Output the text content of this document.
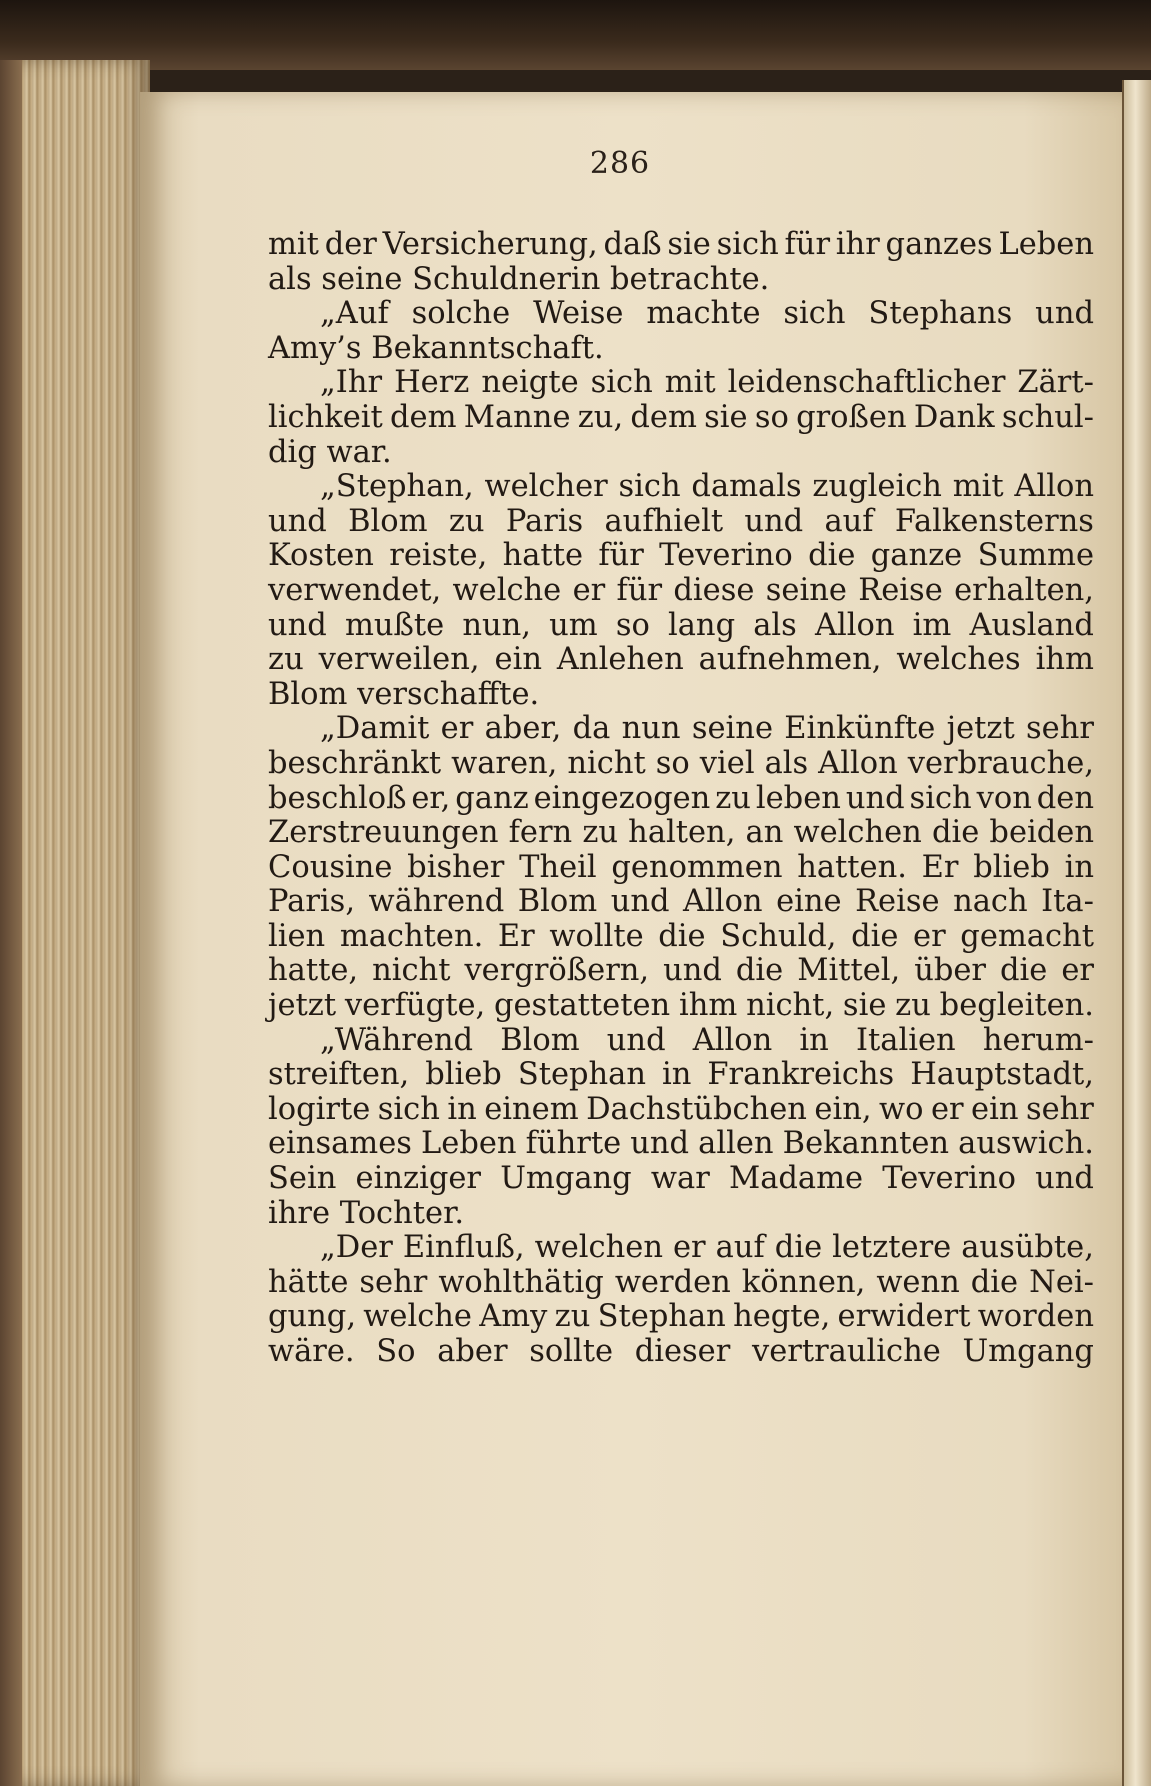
286
mit der Versicherung, daß sie sich für ihr ganzes Leben
als seine Schuldnerin betrachte.
„Auf solche Weise machte sich Stephans und
Amy’s Bekanntschaft.
„Ihr Herz neigte sich mit leidenschaftlicher Zärt-
lichkeit dem Manne zu, dem sie so großen Dank schul-
dig war.
„Stephan, welcher sich damals zugleich mit Allon
und Blom zu Paris aufhielt und auf Falkensterns
Kosten reiste, hatte für Teverino die ganze Summe
verwendet, welche er für diese seine Reise erhalten,
und mußte nun, um so lang als Allon im Ausland
zu verweilen, ein Anlehen aufnehmen, welches ihm
Blom verschaffte.
„Damit er aber, da nun seine Einkünfte jetzt sehr
beschränkt waren, nicht so viel als Allon verbrauche,
beschloß er, ganz eingezogen zu leben und sich von den
Zerstreuungen fern zu halten, an welchen die beiden
Cousine bisher Theil genommen hatten. Er blieb in
Paris, während Blom und Allon eine Reise nach Ita-
lien machten. Er wollte die Schuld, die er gemacht
hatte, nicht vergrößern, und die Mittel, über die er
jetzt verfügte, gestatteten ihm nicht, sie zu begleiten.
„Während Blom und Allon in Italien herum-
streiften, blieb Stephan in Frankreichs Hauptstadt,
logirte sich in einem Dachstübchen ein, wo er ein sehr
einsames Leben führte und allen Bekannten auswich.
Sein einziger Umgang war Madame Teverino und
ihre Tochter.
„Der Einfluß, welchen er auf die letztere ausübte,
hätte sehr wohlthätig werden können, wenn die Nei-
gung, welche Amy zu Stephan hegte, erwidert worden
wäre. So aber sollte dieser vertrauliche Umgang
